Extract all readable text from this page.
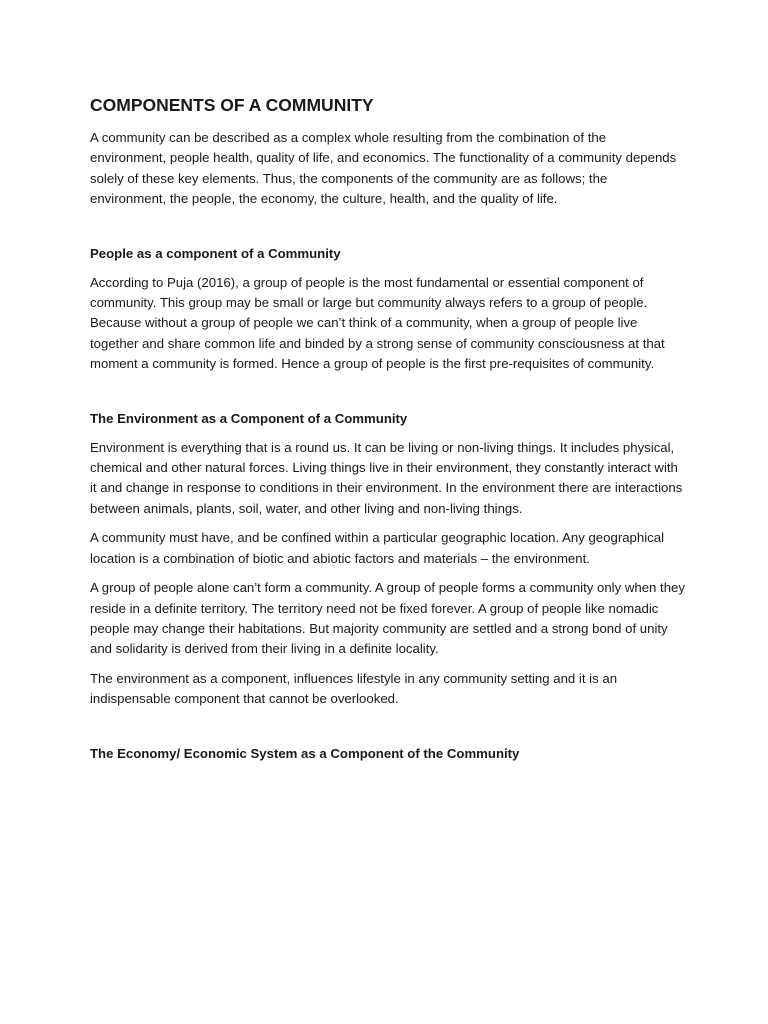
COMPONENTS OF A COMMUNITY

A community can be described as a complex whole resulting from the combination of the environment, people health, quality of life, and economics. The functionality of a community depends solely of these key elements. Thus, the components of the community are as follows; the environment, the people, the economy, the culture, health, and the quality of life.

People as a component of a Community

According to Puja (2016), a group of people is the most fundamental or essential component of community. This group may be small or large but community always refers to a group of people. Because without a group of people we can’t think of a community, when a group of people live together and share common life and binded by a strong sense of community consciousness at that moment a community is formed. Hence a group of people is the first pre-requisites of community.

The Environment as a Component of a Community

Environment is everything that is a round us. It can be living or non-living things. It includes physical, chemical and other natural forces. Living things live in their environment, they constantly interact with it and change in response to conditions in their environment. In the environment there are interactions between animals, plants, soil, water, and other living and non-living things.

A community must have, and be confined within a particular geographic location. Any geographical location is a combination of biotic and abiotic factors and materials – the environment.

A group of people alone can’t form a community. A group of people forms a community only when they reside in a definite territory. The territory need not be fixed forever. A group of people like nomadic people may change their habitations. But majority community are settled and a strong bond of unity and solidarity is derived from their living in a definite locality.

The environment as a component, influences lifestyle in any community setting and it is an indispensable component that cannot be overlooked.

The Economy/ Economic System as a Component of the Community
